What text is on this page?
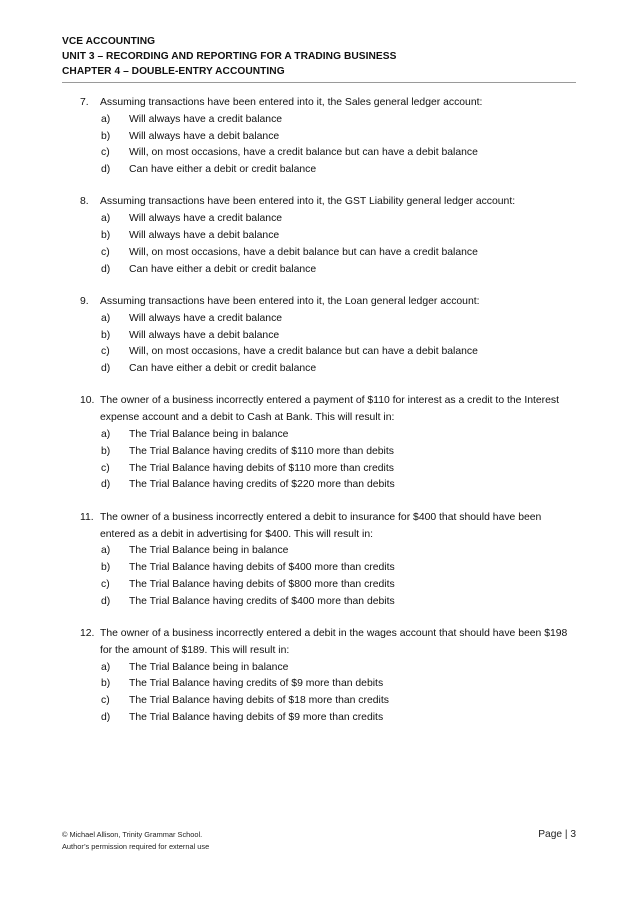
VCE ACCOUNTING
UNIT 3 – RECORDING AND REPORTING FOR A TRADING BUSINESS
CHAPTER 4 – DOUBLE-ENTRY ACCOUNTING
7.	Assuming transactions have been entered into it, the Sales general ledger account:
a)	Will always have a credit balance
b)	Will always have a debit balance
c)	Will, on most occasions, have a credit balance but can have a debit balance
d)	Can have either a debit or credit balance
8.	Assuming transactions have been entered into it, the GST Liability general ledger account:
a)	Will always have a credit balance
b)	Will always have a debit balance
c)	Will, on most occasions, have a debit balance but can have a credit balance
d)	Can have either a debit or credit balance
9.	Assuming transactions have been entered into it, the Loan general ledger account:
a)	Will always have a credit balance
b)	Will always have a debit balance
c)	Will, on most occasions, have a credit balance but can have a debit balance
d)	Can have either a debit or credit balance
10. The owner of a business incorrectly entered a payment of $110 for interest as a credit to the Interest expense account and a debit to Cash at Bank. This will result in:
a)	The Trial Balance being in balance
b)	The Trial Balance having credits of $110 more than debits
c)	The Trial Balance having debits of $110 more than credits
d)	The Trial Balance having credits of $220 more than debits
11. The owner of a business incorrectly entered a debit to insurance for $400 that should have been entered as a debit in advertising for $400. This will result in:
a)	The Trial Balance being in balance
b)	The Trial Balance having debits of $400 more than credits
c)	The Trial Balance having debits of $800 more than credits
d)	The Trial Balance having credits of $400 more than debits
12. The owner of a business incorrectly entered a debit in the wages account that should have been $198 for the amount of $189. This will result in:
a)	The Trial Balance being in balance
b)	The Trial Balance having credits of $9 more than debits
c)	The Trial Balance having debits of $18 more than credits
d)	The Trial Balance having debits of $9 more than credits
© Michael Allison, Trinity Grammar School.
Author’s permission required for external use
Page | 3
